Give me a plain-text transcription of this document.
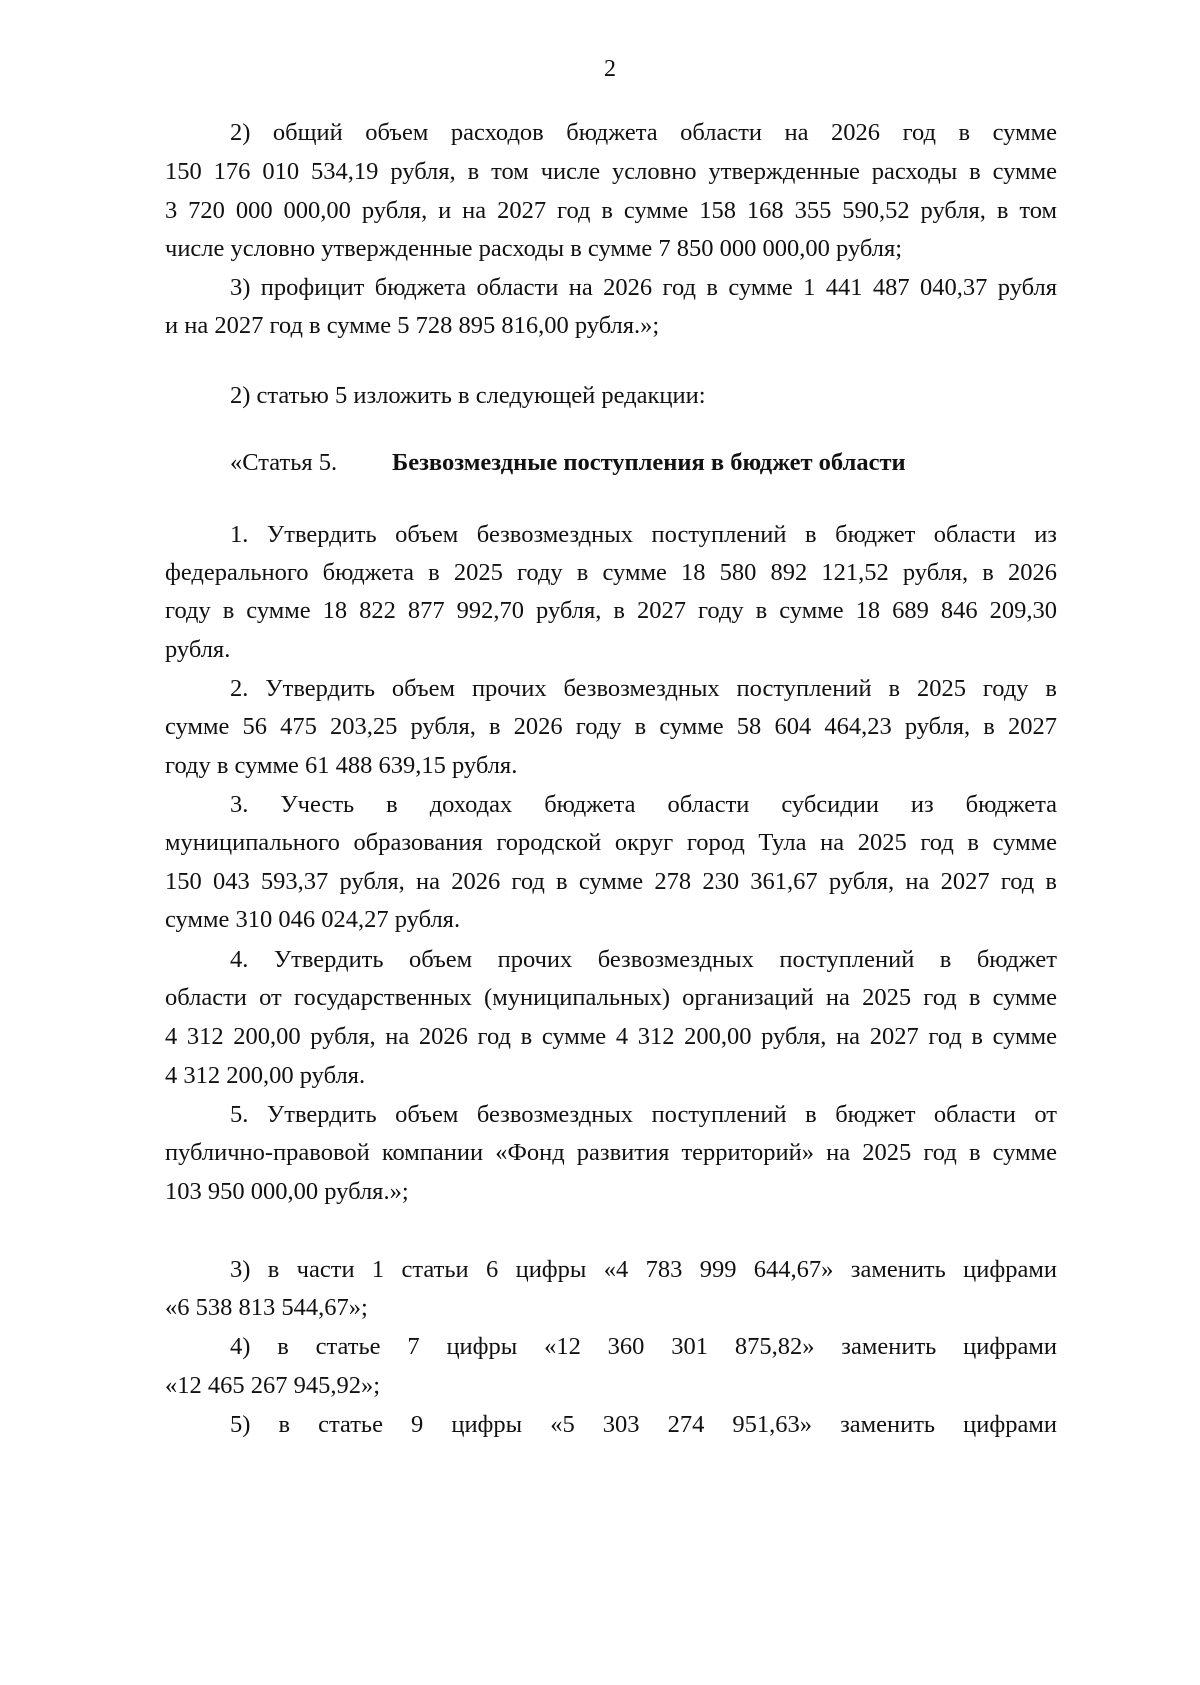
2
2) общий объем расходов бюджета области на 2026 год в сумме
150 176 010 534,19 рубля, в том числе условно утвержденные расходы в сумме
3 720 000 000,00 рубля, и на 2027 год в сумме 158 168 355 590,52 рубля, в том
числе условно утвержденные расходы в сумме 7 850 000 000,00 рубля;
3) профицит бюджета области на 2026 год в сумме 1 441 487 040,37 рубля
и на 2027 год в сумме 5 728 895 816,00 рубля.»;
2) статью 5 изложить в следующей редакции:
«Статья 5.	Безвозмездные поступления в бюджет области
1. Утвердить объем безвозмездных поступлений в бюджет области из
федерального бюджета в 2025 году в сумме 18 580 892 121,52 рубля, в 2026
году в сумме 18 822 877 992,70 рубля, в 2027 году в сумме 18 689 846 209,30
рубля.
2. Утвердить объем прочих безвозмездных поступлений в 2025 году в
сумме 56 475 203,25 рубля, в 2026 году в сумме 58 604 464,23 рубля, в 2027
году в сумме 61 488 639,15 рубля.
3. Учесть в доходах бюджета области субсидии из бюджета
муниципального образования городской округ город Тула на 2025 год в сумме
150 043 593,37 рубля, на 2026 год в сумме 278 230 361,67 рубля, на 2027 год в
сумме 310 046 024,27 рубля.
4. Утвердить объем прочих безвозмездных поступлений в бюджет
области от государственных (муниципальных) организаций на 2025 год в сумме
4 312 200,00 рубля, на 2026 год в сумме 4 312 200,00 рубля, на 2027 год в сумме
4 312 200,00 рубля.
5. Утвердить объем безвозмездных поступлений в бюджет области от
публично-правовой компании «Фонд развития территорий» на 2025 год в сумме
103 950 000,00 рубля.»;
3) в части 1 статьи 6 цифры «4 783 999 644,67» заменить цифрами
«6 538 813 544,67»;
4) в статье 7 цифры «12 360 301 875,82» заменить цифрами
«12 465 267 945,92»;
5) в статье 9 цифры «5 303 274 951,63» заменить цифрами
